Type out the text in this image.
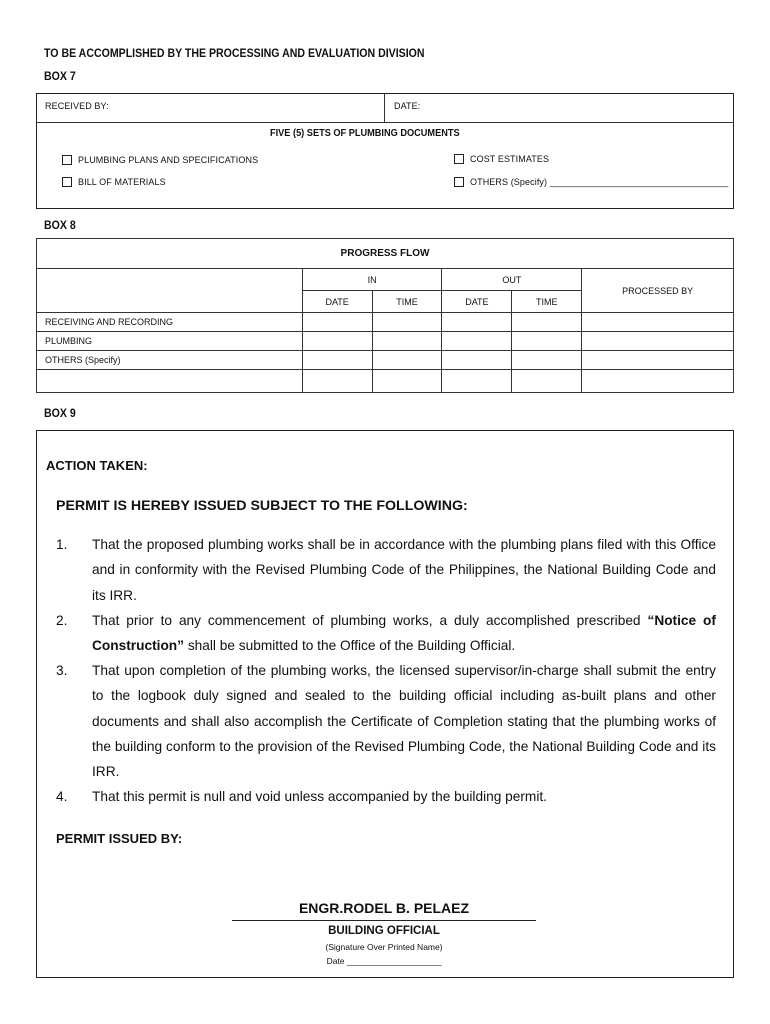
TO BE ACCOMPLISHED BY THE PROCESSING AND EVALUATION DIVISION
BOX 7
RECEIVED BY:	DATE:
FIVE (5) SETS OF PLUMBING DOCUMENTS
PLUMBING PLANS AND SPECIFICATIONS	COST ESTIMATES
BILL OF MATERIALS	OTHERS (Specify) ___________________________________
BOX 8
PROGRESS FLOW					
	IN		OUT		PROCESSED BY
	DATE	TIME	DATE	TIME	
RECEIVING AND RECORDING					
PLUMBING					
OTHERS (Specify)					

BOX 9
ACTION TAKEN:
PERMIT IS HEREBY ISSUED SUBJECT TO THE FOLLOWING:
1.	That the proposed plumbing works shall be in accordance with the plumbing plans filed with this Office and in conformity with the Revised Plumbing Code of the Philippines, the National Building Code and its IRR.
2.	That prior to any commencement of plumbing works, a duly accomplished prescribed “Notice of Construction” shall be submitted to the Office of the Building Official.
3.	That upon completion of the plumbing works, the licensed supervisor/in-charge shall submit the entry to the logbook duly signed and sealed to the building official including as-built plans and other documents and shall also accomplish the Certificate of Completion stating that the plumbing works of the building conform to the provision of the Revised Plumbing Code, the National Building Code and its IRR.
4.	That this permit is null and void unless accompanied by the building permit.
PERMIT ISSUED BY:
ENGR.RODEL B. PELAEZ
BUILDING OFFICIAL
(Signature Over Printed Name)
Date ____________________
